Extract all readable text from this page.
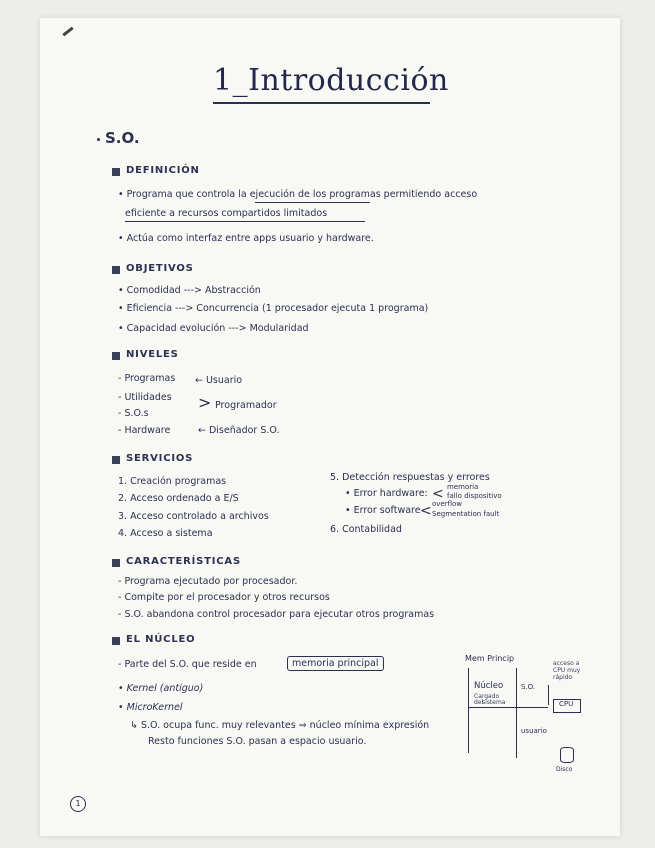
1_Introducción
S.O.
DEFINICIÓN
• Programa que controla la ejecución de los programas permitiendo acceso
eficiente a recursos compartidos limitados
• Actúa como interfaz entre apps usuario y hardware.
OBJETIVOS
• Comodidad ---> Abstracción
• Eficiencia ---> Concurrencia (1 procesador ejecuta 1 programa)
• Capacidad evolución ---> Modularidad
NIVELES
- Programas ← Usuario
- Utilidades
- S.O.s
> Programador
- Hardware	← Diseñador S.O.
SERVICIOS
1. Creación programas
2. Acceso ordenado a E/S
3. Acceso controlado a archivos
4. Acceso a sistema
5. Detección respuestas y errores
• Error hardware: < memoria
fallo dispositivo
• Error software < overflow
Segmentation fault
6. Contabilidad
CARACTERÍSTICAS
- Programa ejecutado por procesador.
- Compite por el procesador y otros recursos
- S.O. abandona control procesador para ejecutar otros programas
EL NÚCLEO
- Parte del S.O. que reside en	memoria principal
• Kernel (antiguo)
• MicroKernel
↳ S.O. ocupa func. muy relevantes ⇒ núcleo mínima expresión
Resto funciones S.O. pasan a espacio usuario.
Mem Princip
Núcleo
Cargado
del
sistema
S.O.
acceso a
CPU muy
rápido
CPU
usuario
Disco
1
